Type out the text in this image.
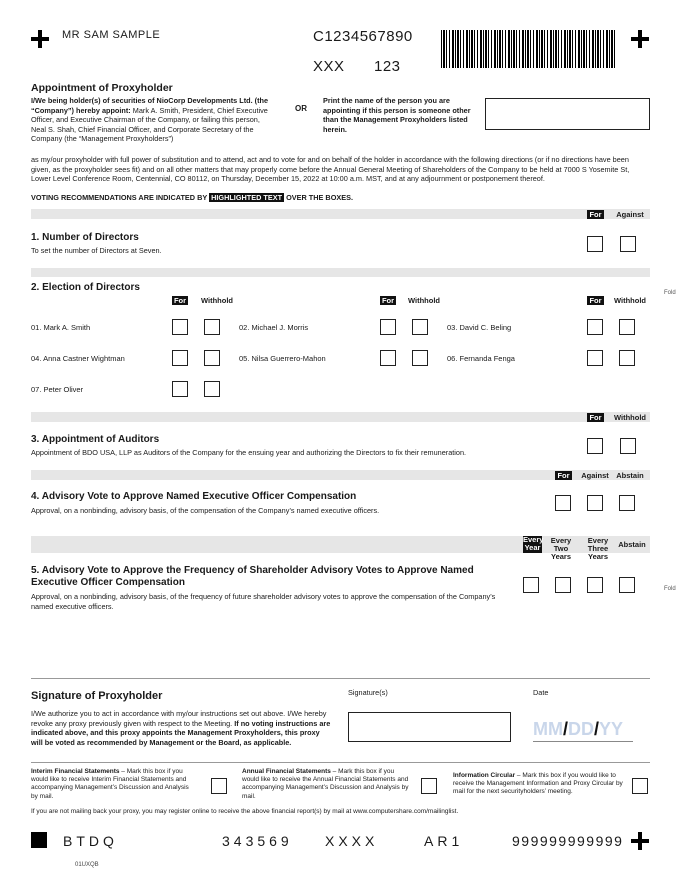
MR SAM SAMPLE	C1234567890
XXX 123
Appointment of Proxyholder
I/We being holder(s) of securities of NioCorp Developments Ltd. (the “Company”) hereby appoint: Mark A. Smith, President, Chief Executive Officer, and Executive Chairman of the Company, or failing this person, Neal S. Shah, Chief Financial Officer, and Corporate Secretary of the Company (the “Management Proxyholders”)
OR
Print the name of the person you are appointing if this person is someone other than the Management Proxyholders listed herein.
as my/our proxyholder with full power of substitution and to attend, act and to vote for and on behalf of the holder in accordance with the following directions (or if no directions have been given, as the proxyholder sees fit) and on all other matters that may properly come before the Annual General Meeting of Shareholders of the Company to be held at 7000 S Yosemite St, Lower Level Conference Room, Centennial, CO 80112, on Thursday, December 15, 2022 at 10:00 a.m. MST, and at any adjournment or postponement thereof.
VOTING RECOMMENDATIONS ARE INDICATED BY HIGHLIGHTED TEXT OVER THE BOXES.
For	Against
1. Number of Directors
To set the number of Directors at Seven.
2. Election of Directors	Fold
For Withhold	For Withhold	For	Withhold
01. Mark A. Smith	02. Michael J. Morris	03. David C. Beling
04. Anna Castner Wightman	05. Nilsa Guerrero-Mahon	06. Fernanda Fenga
07. Peter Oliver
For	Withhold
3. Appointment of Auditors
Appointment of BDO USA, LLP as Auditors of the Company for the ensuing year and authorizing the Directors to fix their remuneration.
For	Against Abstain
4. Advisory Vote to Approve Named Executive Officer Compensation
Approval, on a nonbinding, advisory basis, of the compensation of the Company’s named executive officers.
Every Year
Every Two Years
Every Three Years
Abstain
5. Advisory Vote to Approve the Frequency of Shareholder Advisory Votes to Approve Named Executive Officer Compensation
Approval, on a nonbinding, advisory basis, of the frequency of future shareholder advisory votes to approve the compensation of the Company’s named executive officers.
Fold
Signature of Proxyholder
I/We authorize you to act in accordance with my/our instructions set out above. I/We hereby revoke any proxy previously given with respect to the Meeting. If no voting instructions are indicated above, and this proxy appoints the Management Proxyholders, this proxy will be voted as recommended by Management or the Board, as applicable.
Signature(s)	Date
MM/DD/YY
Interim Financial Statements – Mark this box if you would like to receive Interim Financial Statements and accompanying Management’s Discussion and Analysis by mail.
Annual Financial Statements – Mark this box if you would like to receive the Annual Financial Statements and accompanying Management’s Discussion and Analysis by mail.
Information Circular – Mark this box if you would like to receive the Management Information and Proxy Circular by mail for the next securityholders’ meeting.
If you are not mailing back your proxy, you may register online to receive the above financial report(s) by mail at www.computershare.com/mailinglist.
BTDQ	343569 XXXX	AR1	999999999999
01UXQB
